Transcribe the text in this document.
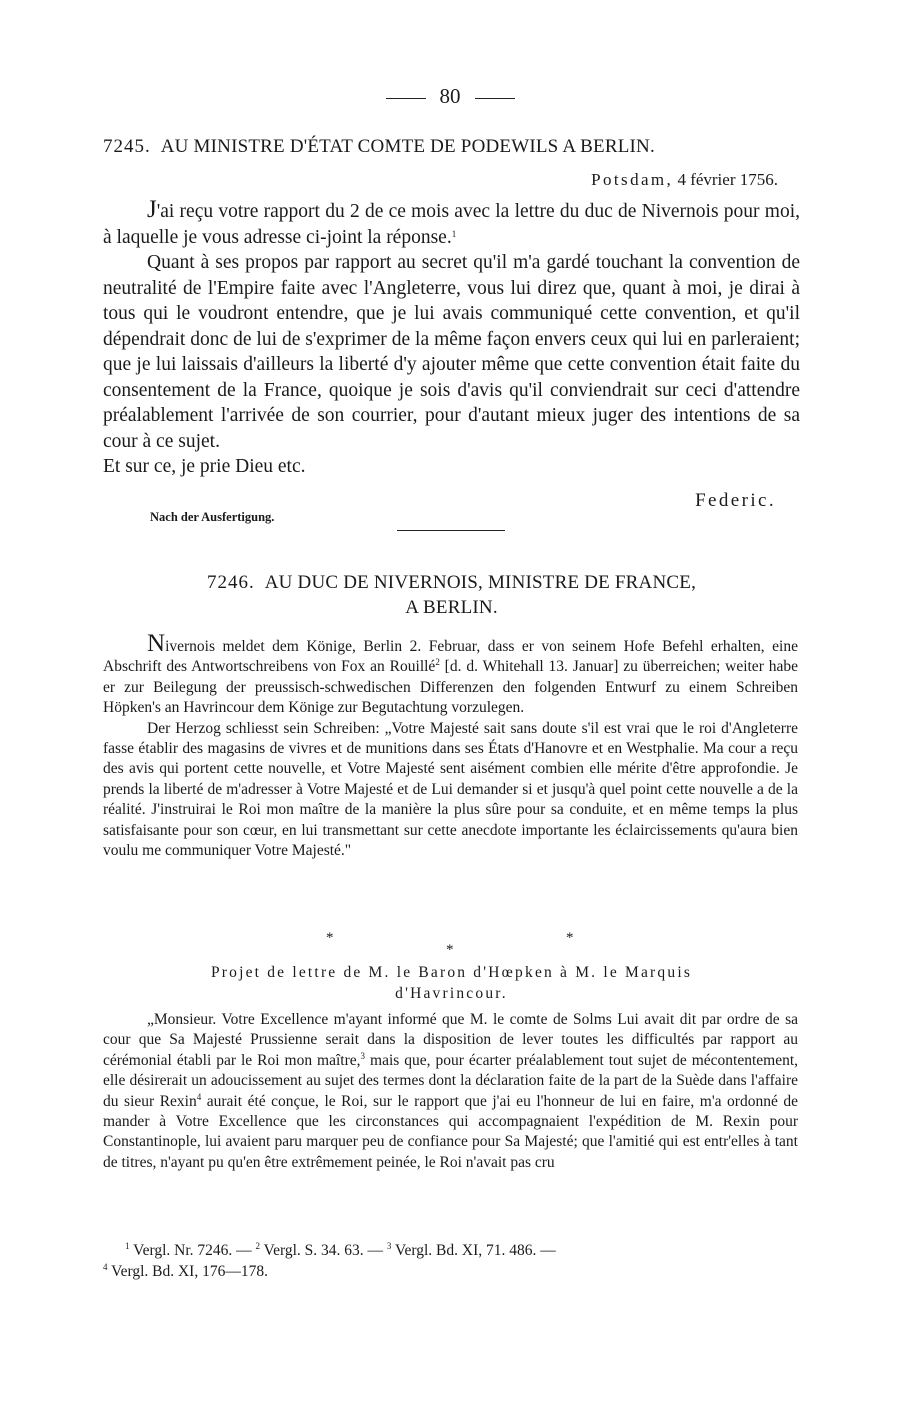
80
7245. AU MINISTRE D'ÉTAT COMTE DE PODEWILS A BERLIN.
Potsdam, 4 février 1756.

J'ai reçu votre rapport du 2 de ce mois avec la lettre du duc de Nivernois pour moi, à laquelle je vous adresse ci-joint la réponse.$^1$

Quant à ses propos par rapport au secret qu'il m'a gardé touchant la convention de neutralité de l'Empire faite avec l'Angleterre, vous lui direz que, quant à moi, je dirai à tous qui le voudront entendre, que je lui avais communiqué cette convention, et qu'il dépendrait donc de lui de s'exprimer de la même façon envers ceux qui lui en parleraient; que je lui laissais d'ailleurs la liberté d'y ajouter même que cette convention était faite du consentement de la France, quoique je sois d'avis qu'il conviendrait sur ceci d'attendre préalablement l'arrivée de son courrier, pour d'autant mieux juger des intentions de sa cour à ce sujet.

Et sur ce, je prie Dieu etc.

Federic.
Nach der Ausfertigung.
7246. AU DUC DE NIVERNOIS, MINISTRE DE FRANCE,
A BERLIN.

Nivernois meldet dem Könige, Berlin 2. Februar, dass er von seinem Hofe Befehl erhalten, eine Abschrift des Antwortschreibens von Fox an Rouillé$^2$ [d. d. Whitehall 13. Januar] zu überreichen; weiter habe er zur Beilegung der preussisch-schwedischen Differenzen den folgenden Entwurf zu einem Schreiben Höpken's an Havrincour dem Könige zur Begutachtung vorzulegen.

Der Herzog schliesst sein Schreiben: „Votre Majesté sait sans doute s'il est vrai que le roi d'Angleterre fasse établir des magasins de vivres et de munitions dans ses États d'Hanovre et en Westphalie. Ma cour a reçu des avis qui portent cette nouvelle, et Votre Majesté sent aisément combien elle mérite d'être approfondie. Je prends la liberté de m'adresser à Votre Majesté et de Lui demander si et jusqu'à quel point cette nouvelle a de la réalité. J'instruirai le Roi mon maître de la manière la plus sûre pour sa conduite, et en même temps la plus satisfaisante pour son cœur, en lui transmettant sur cette anecdote importante les éclaircissements qu'aura bien voulu me communiquer Votre Majesté."

*
*
*
Projet de lettre de M. le Baron d'Hœpken à M. le Marquis
d'Havrincour.

„Monsieur. Votre Excellence m'ayant informé que M. le comte de Solms Lui avait dit par ordre de sa cour que Sa Majesté Prussienne serait dans la disposition de lever toutes les difficultés par rapport au cérémonial établi par le Roi mon maître,$^3$ mais que, pour écarter préalablement tout sujet de mécontentement, elle désirerait un adoucissement au sujet des termes dont la déclaration faite de la part de la Suède dans l'affaire du sieur Rexin$^4$ aurait été conçue, le Roi, sur le rapport que j'ai eu l'honneur de lui en faire, m'a ordonné de mander à Votre Excellence que les circonstances qui accompagnaient l'expédition de M. Rexin pour Constantinople, lui avaient paru marquer peu de confiance pour Sa Majesté; que l'amitié qui est entr'elles à tant de titres, n'ayant pu qu'en être extrêmement peinée, le Roi n'avait pas cru

$^1$ Vergl. Nr. 7246. — $^2$ Vergl. S. 34. 63. — $^3$ Vergl. Bd. XI, 71. 486. —
$^4$ Vergl. Bd. XI, 176—178.
